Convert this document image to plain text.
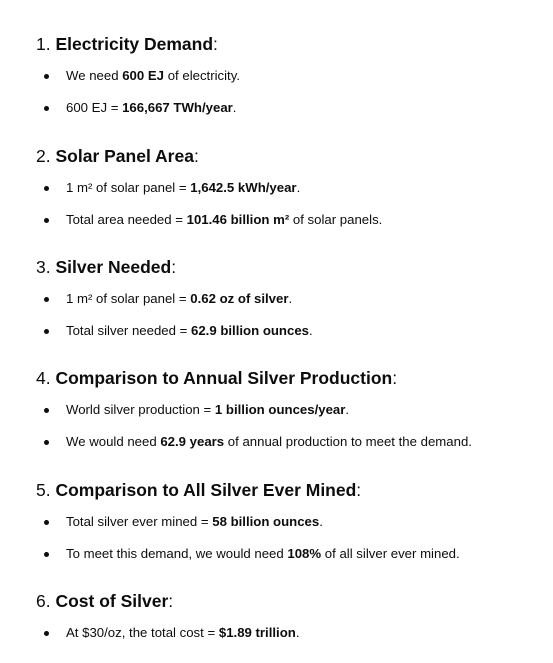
1. Electricity Demand:
We need 600 EJ of electricity.
600 EJ = 166,667 TWh/year.
2. Solar Panel Area:
1 m² of solar panel = 1,642.5 kWh/year.
Total area needed = 101.46 billion m² of solar panels.
3. Silver Needed:
1 m² of solar panel = 0.62 oz of silver.
Total silver needed = 62.9 billion ounces.
4. Comparison to Annual Silver Production:
World silver production = 1 billion ounces/year.
We would need 62.9 years of annual production to meet the demand.
5. Comparison to All Silver Ever Mined:
Total silver ever mined = 58 billion ounces.
To meet this demand, we would need 108% of all silver ever mined.
6. Cost of Silver:
At $30/oz, the total cost = $1.89 trillion.
